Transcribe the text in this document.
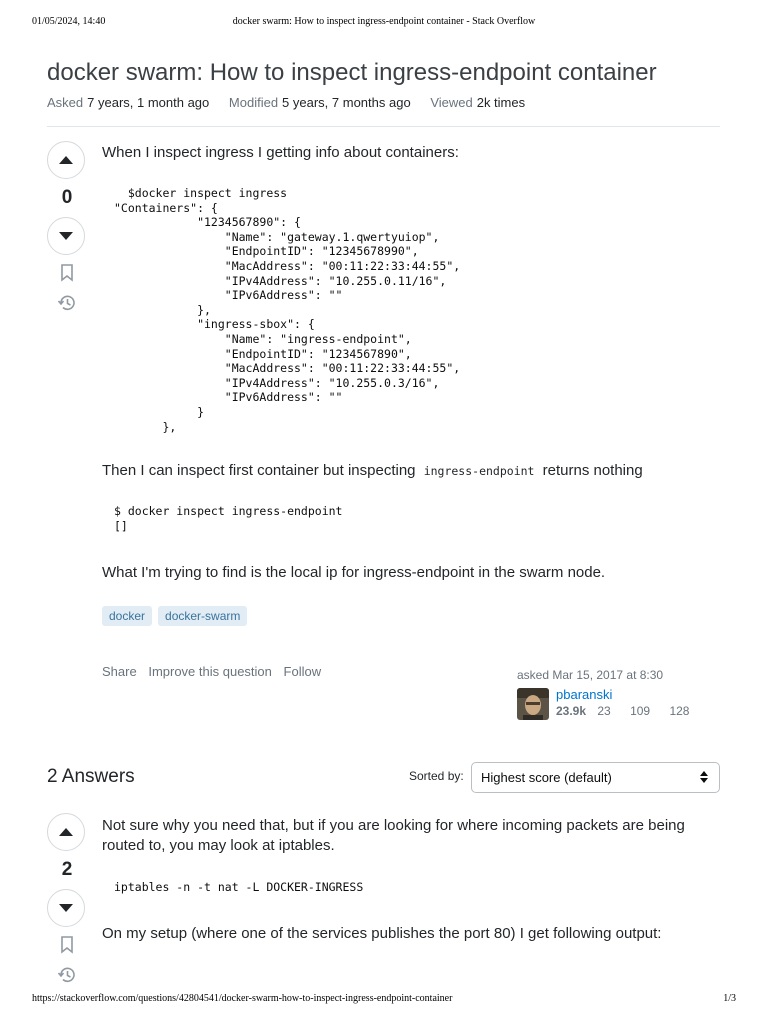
01/05/2024, 14:40	docker swarm: How to inspect ingress-endpoint container - Stack Overflow
docker swarm: How to inspect ingress-endpoint container
Asked 7 years, 1 month ago Modified 5 years, 7 months ago Viewed 2k times
0

When I inspect ingress I getting info about containers:

$docker inspect ingress
"Containers": {
"1234567890": {
"Name": "gateway.1.qwertyuiop",
"EndpointID": "12345678990",
"MacAddress": "00:11:22:33:44:55",
"IPv4Address": "10.255.0.11/16",
"IPv6Address": ""
},
"ingress-sbox": {
"Name": "ingress-endpoint",
"EndpointID": "1234567890",
"MacAddress": "00:11:22:33:44:55",
"IPv4Address": "10.255.0.3/16",
"IPv6Address": ""
}
},

Then I can inspect first container but inspecting ingress-endpoint returns nothing

$ docker inspect ingress-endpoint
[]

What I'm trying to find is the local ip for ingress-endpoint in the swarm node.

docker	docker-swarm
Share Improve this question Follow	asked Mar 15, 2017 at 8:30
pbaranski
23.9k 23 109 128
2 Answers	Sorted by:	Highest score (default)
2

Not sure why you need that, but if you are looking for where incoming packets are being routed to, you may look at iptables.

iptables -n -t nat -L DOCKER-INGRESS

On my setup (where one of the services publishes the port 80) I get following output:

https://stackoverflow.com/questions/42804541/docker-swarm-how-to-inspect-ingress-endpoint-container	1/3
